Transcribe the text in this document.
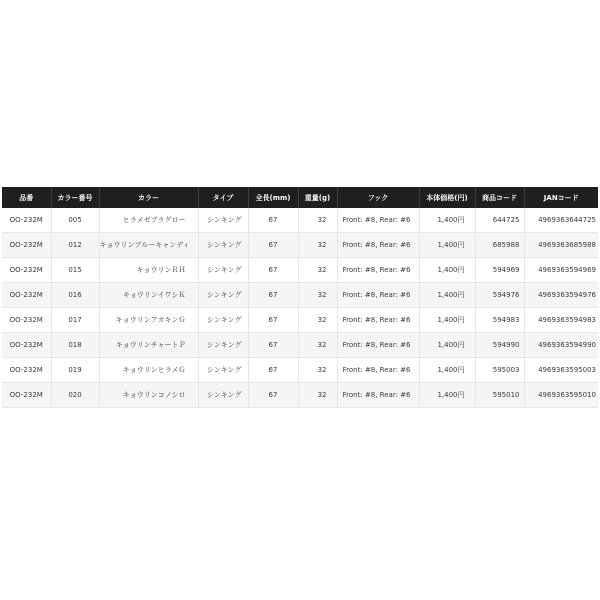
品番	カラー番号	カラー	タイプ	全長(mm)	重量(g)	フック	本体価格(円)	商品コード	JANコード
OO-232M	005	ヒラメゼブラグロー	シンキング	67	32	Front: #8, Rear: #6	1,400円	644725	4969363644725
OO-232M	012	キョウリンブルーキャンディ	シンキング	67	32	Front: #8, Rear: #6	1,400円	685988	4969363685988
OO-232M	015	キョウリンＲＨ	シンキング	67	32	Front: #8, Rear: #6	1,400円	594969	4969363594969
OO-232M	016	キョウリンイワシＫ	シンキング	67	32	Front: #8, Rear: #6	1,400円	594976	4969363594976
OO-232M	017	キョウリンアカキンＧ	シンキング	67	32	Front: #8, Rear: #6	1,400円	594983	4969363594983
OO-232M	018	キョウリンチャートＰ	シンキング	67	32	Front: #8, Rear: #6	1,400円	594990	4969363594990
OO-232M	019	キョウリンヒラメＧ	シンキング	67	32	Front: #8, Rear: #6	1,400円	595003	4969363595003
OO-232M	020	キョウリンコノシロ	シンキング	67	32	Front: #8, Rear: #6	1,400円	595010	4969363595010
